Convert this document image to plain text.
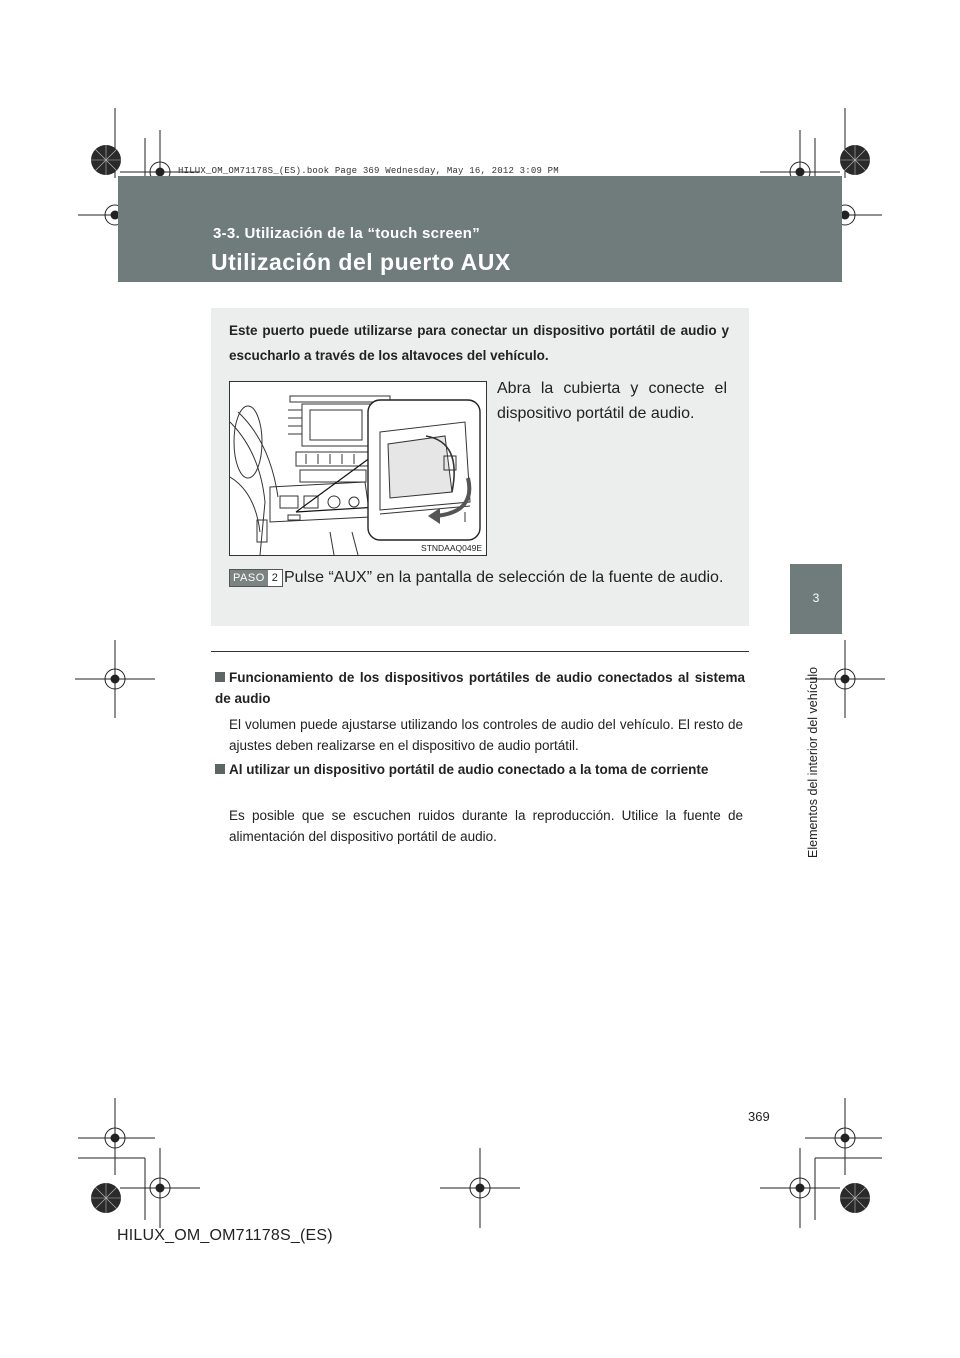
HILUX_OM_OM71178S_(ES).book Page 369 Wednesday, May 16, 2012 3:09 PM
3-3. Utilización de la “touch screen”
Utilización del puerto AUX
3
Elementos del interior del vehículo
Este puerto puede utilizarse para conectar un dispositivo portátil de audio y escucharlo a través de los altavoces del vehículo.
STNDAAQ049E
Abra la cubierta y conecte el dispositivo portátil de audio.
PASO 2 Pulse “AUX” en la pantalla de selección de la fuente de audio.
Funcionamiento de los dispositivos portátiles de audio conectados al sistema de audio
El volumen puede ajustarse utilizando los controles de audio del vehículo. El resto de ajustes deben realizarse en el dispositivo de audio portátil.
Al utilizar un dispositivo portátil de audio conectado a la toma de corriente
Es posible que se escuchen ruidos durante la reproducción. Utilice la fuente de alimentación del dispositivo portátil de audio.
369
HILUX_OM_OM71178S_(ES)
